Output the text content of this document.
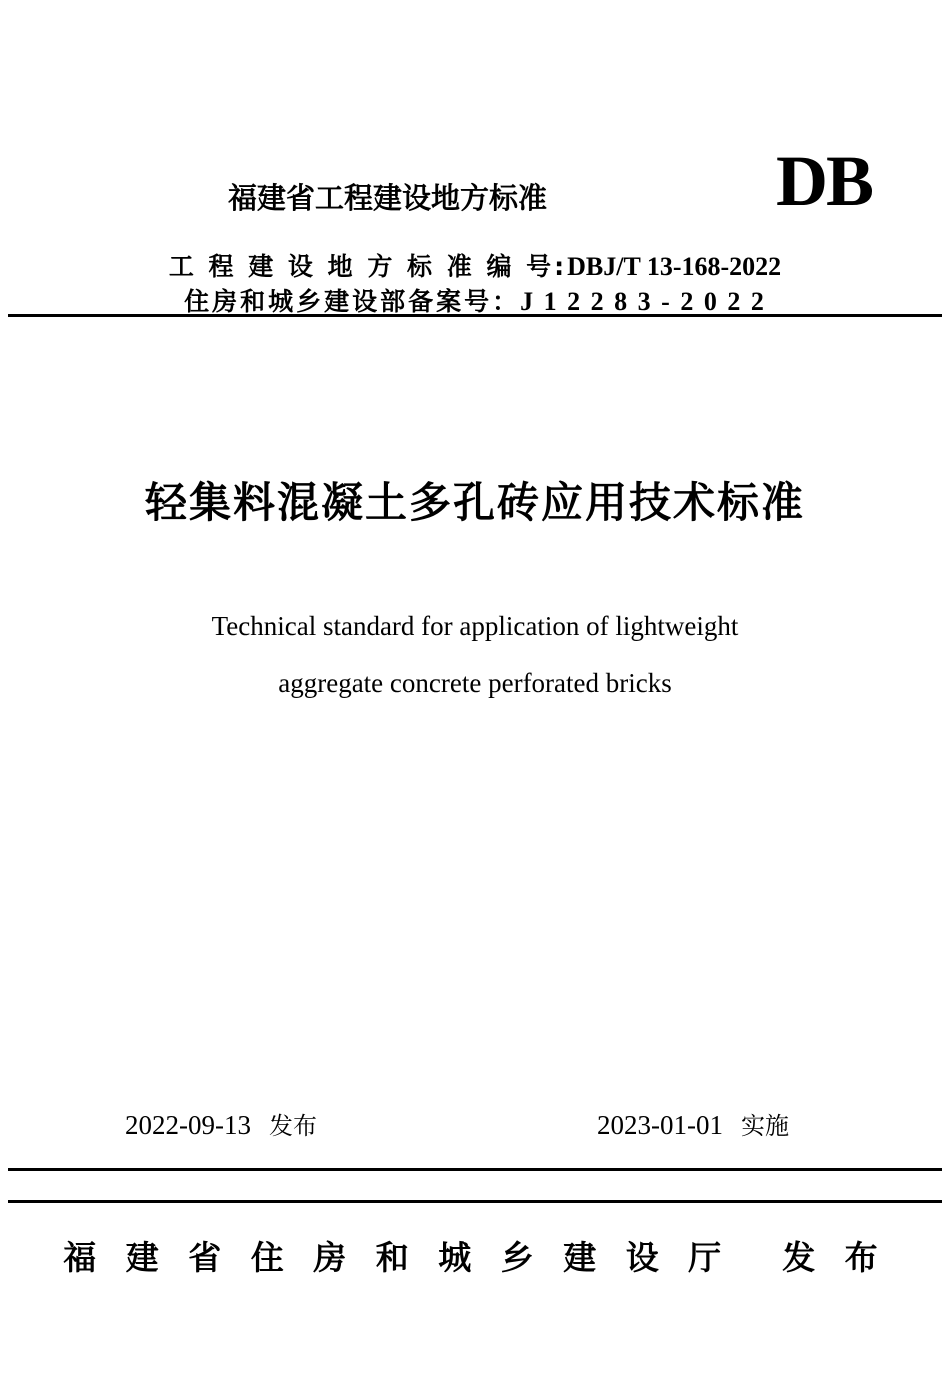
福建省工程建设地方标准	DB
工 程 建 设 地 方 标 准 编 号:DBJ/T 13-168-2022
住房和城乡建设部备案号：J 1 2 2 8 3 - 2 0 2 2
轻集料混凝土多孔砖应用技术标准
Technical standard for application of lightweight
aggregate concrete perforated bricks
2022-09-13 发布	2023-01-01 实施
福 建 省 住 房 和 城 乡 建 设 厅 发 布
